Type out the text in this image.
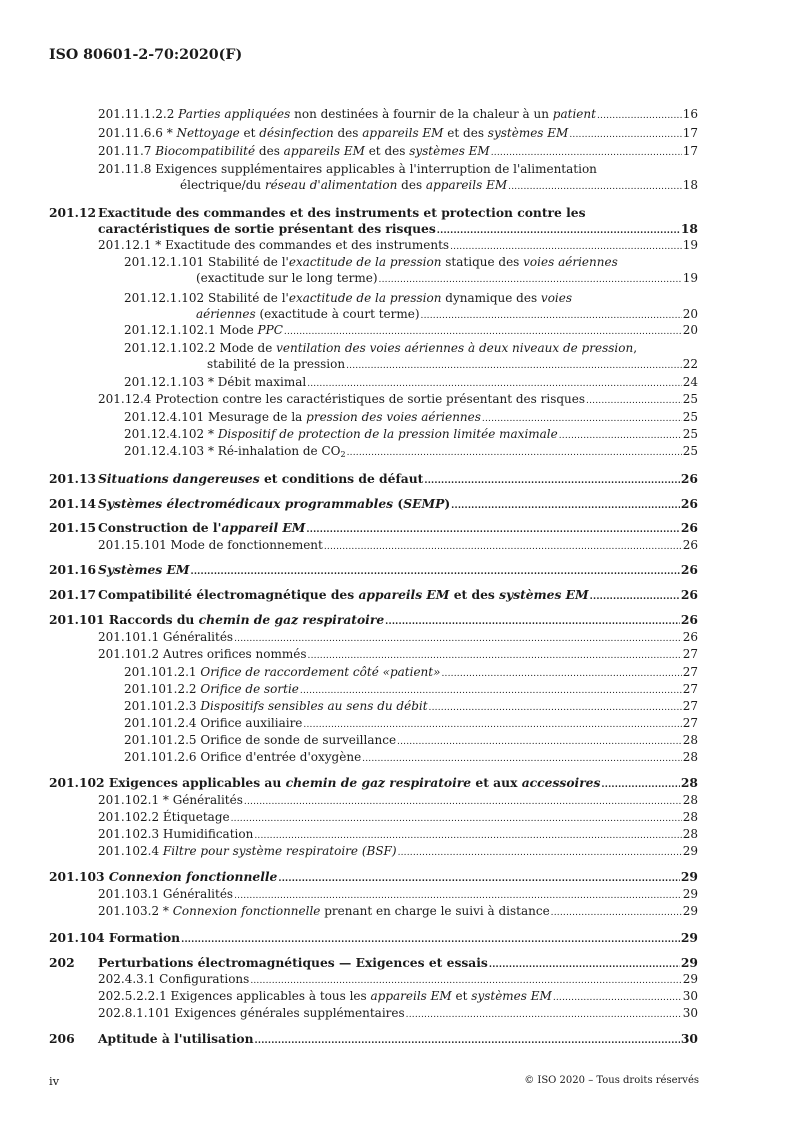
ISO 80601-2-70:2020(F)
201.11.1.2.2 Parties appliquées non destinées à fournir de la chaleur à un patient .....	16
201.11.6.6 * Nettoyage et désinfection des appareils EM et des systèmes EM .....	17
201.11.7 Biocompatibilité des appareils EM et des systèmes EM .....	17
201.11.8 Exigences supplémentaires applicables à l'interruption de l'alimentation
électrique/du réseau d'alimentation des appareils EM .....	18
201.12 Exactitude des commandes et des instruments et protection contre les
caractéristiques de sortie présentant des risques .....	18
201.12.1 * Exactitude des commandes et des instruments .....	19
201.12.1.101 Stabilité de l'exactitude de la pression statique des voies aériennes
(exactitude sur le long terme) .....	19
201.12.1.102 Stabilité de l'exactitude de la pression dynamique des voies
aériennes (exactitude à court terme) .....	20
201.12.1.102.1 Mode PPC .....	20
201.12.1.102.2 Mode de ventilation des voies aériennes à deux niveaux de pression,
stabilité de la pression .....	22
201.12.1.103 * Débit maximal .....	24
201.12.4 Protection contre les caractéristiques de sortie présentant des risques .....	25
201.12.4.101 Mesurage de la pression des voies aériennes .....	25
201.12.4.102 * Dispositif de protection de la pression limitée maximale .....	25
201.12.4.103 * Ré-inhalation de $CO_2$ .....	25
201.13 Situations dangereuses et conditions de défaut .....	26
201.14 Systèmes électromédicaux programmables (SEMP) .....	26
201.15 Construction de l'appareil EM .....	26
201.15.101 Mode de fonctionnement .....	26
201.16 Systèmes EM .....	26
201.17 Compatibilité électromagnétique des appareils EM et des systèmes EM .....	26
201.101 Raccords du chemin de gaz respiratoire .....	26
201.101.1 Généralités .....	26
201.101.2 Autres orifices nommés .....	27
201.101.2.1 Orifice de raccordement côté «patient» .....	27
201.101.2.2 Orifice de sortie .....	27
201.101.2.3 Dispositifs sensibles au sens du débit .....	27
201.101.2.4 Orifice auxiliaire .....	27
201.101.2.5 Orifice de sonde de surveillance .....	28
201.101.2.6 Orifice d'entrée d'oxygène .....	28
201.102 Exigences applicables au chemin de gaz respiratoire et aux accessoires .....	28
201.102.1 * Généralités .....	28
201.102.2 Étiquetage .....	28
201.102.3 Humidification .....	28
201.102.4 Filtre pour système respiratoire (BSF) .....	29
201.103 Connexion fonctionnelle .....	29
201.103.1 Généralités .....	29
201.103.2 * Connexion fonctionnelle prenant en charge le suivi à distance .....	29
201.104 Formation .....	29
202 Perturbations électromagnétiques — Exigences et essais .....	29
202.4.3.1 Configurations .....	29
202.5.2.2.1 Exigences applicables à tous les appareils EM et systèmes EM .....	30
202.8.1.101 Exigences générales supplémentaires .....	30
206 Aptitude à l'utilisation .....	30
iv	© ISO 2020 – Tous droits réservés
